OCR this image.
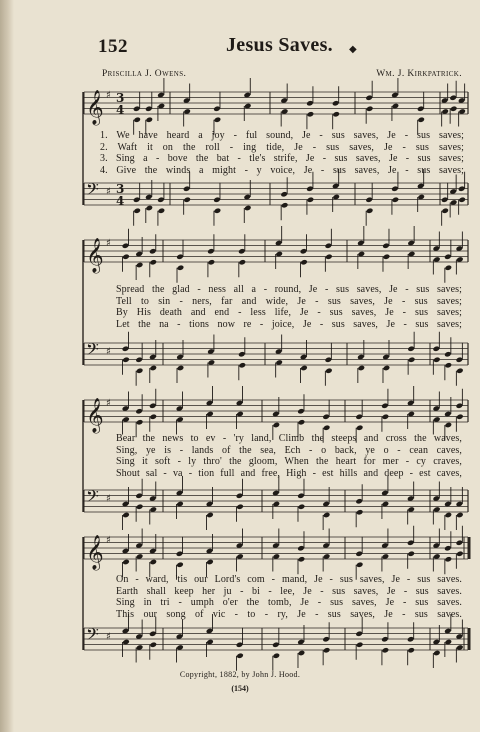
152	Jesus Saves. ◆
Priscilla J. Owens.	Wm. J. Kirkpatrick.
𝄞 ♯ 3
4
𝄢 ♯ 3
4
𝄞 ♯
𝄢 ♯
𝄞 ♯
𝄢 ♯
𝄞 ♯
𝄢 ♯
1. We have heard a joy - ful sound, Je - sus saves, Je - sus saves;
2. Waft it on the roll - ing tide, Je - sus saves, Je - sus saves;
3. Sing a - bove the bat - tle's strife, Je - sus saves, Je - sus saves;
4. Give the winds a might - y voice, Je - sus saves, Je - sus saves;
Spread the glad - ness all a - round, Je - sus saves, Je - sus saves;
Tell to sin - ners, far and wide, Je - sus saves, Je - sus saves;
By His death and end - less life, Je - sus saves, Je - sus saves;
Let the na - tions now re - joice, Je - sus saves, Je - sus saves;
Bear the news to ev - 'ry land, Climb the steeps and cross the waves,
Sing, ye is - lands of the sea, Ech - o back, ye o - cean caves,
Sing it soft - ly thro' the gloom, When the heart for mer - cy craves,
Shout sal - va - tion full and free, High - est hills and deep - est caves,
On - ward, 'tis our Lord's com - mand, Je - sus saves, Je - sus saves.
Earth shall keep her ju - bi - lee, Je - sus saves, Je - sus saves.
Sing in tri - umph o'er the tomb, Je - sus saves, Je - sus saves.
This our song of vic - to - ry, Je - sus saves, Je - sus saves.
Copyright, 1882, by John J. Hood.
(154)
